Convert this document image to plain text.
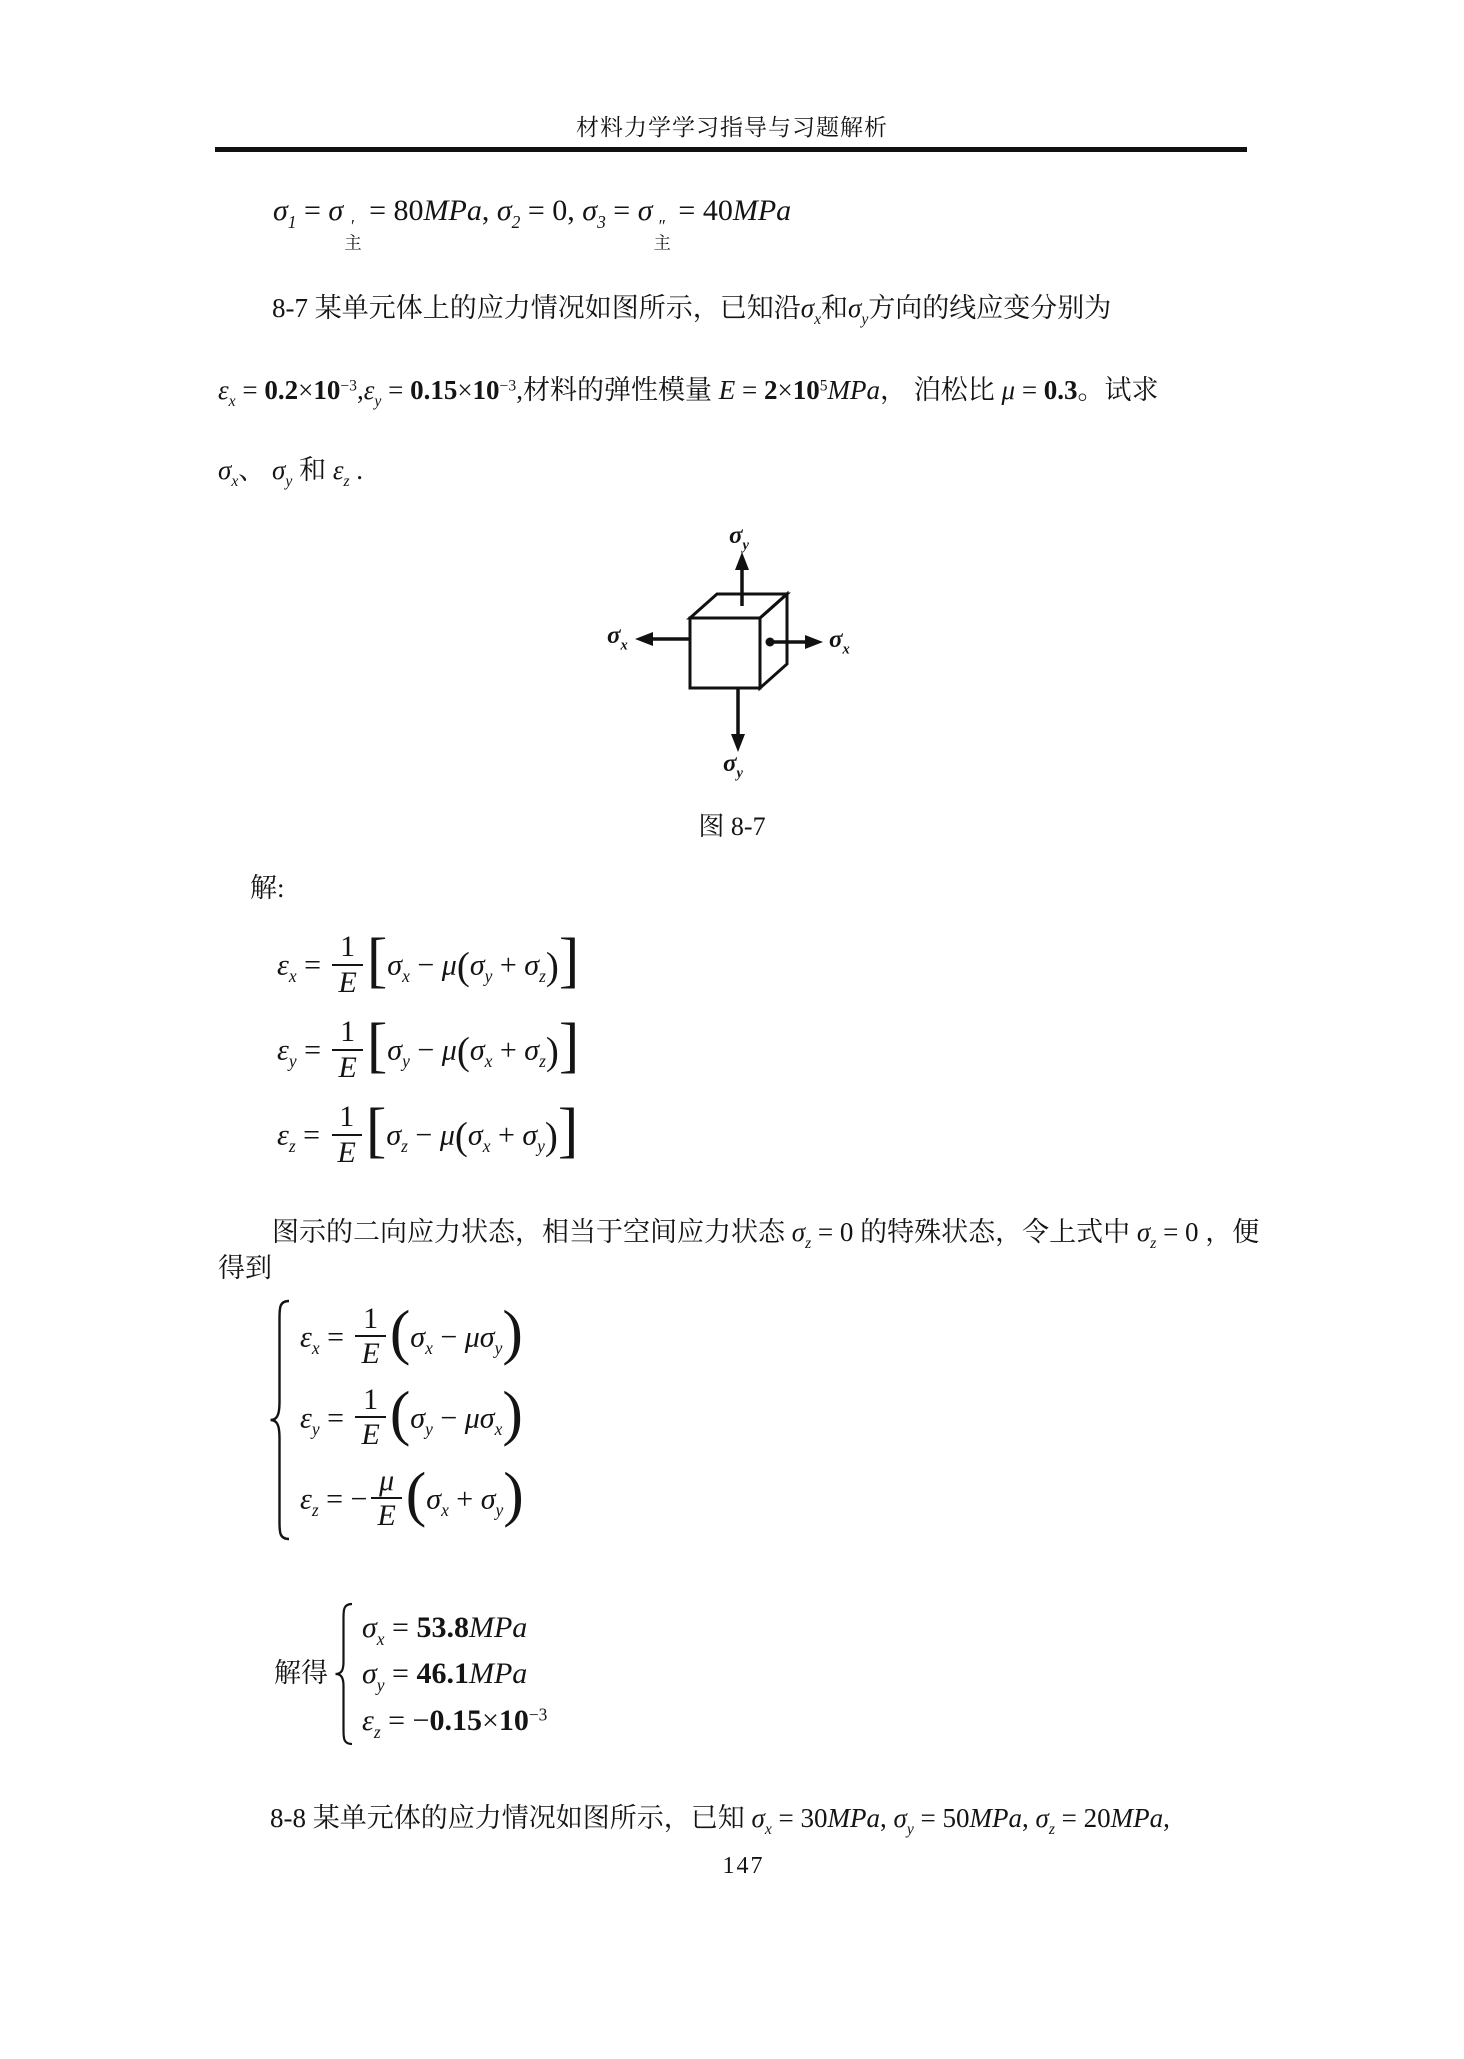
材料力学学习指导与习题解析
$\sigma_1 = \sigma$ ′
主
= 80MPa, $\sigma_2 = 0$, $\sigma_3 = \sigma$ ″
主
= 40MPa
8-7 某单元体上的应力情况如图所示，已知沿$\sigma_x$和$\sigma_y$方向的线应变分别为
$\varepsilon_x = 0.2\times 10^{-3},\varepsilon_y = 0.15\times 10^{-3}$,材料的弹性模量 $E = 2\times 10^5MPa$， 泊松比 μ = 0.3。试求
$\sigma_x$、 $\sigma_y$ 和 $\varepsilon_z$ .
$\sigma_y$
$\sigma_y$
$\sigma_x$	$\sigma_x$
图 8-7
解:
$\varepsilon_x = \frac{1}{E} [\sigma_x - \mu(\sigma_y + \sigma_z)]$
$\varepsilon_y = \frac{1}{E} [\sigma_y - \mu(\sigma_x + \sigma_z)]$
$\varepsilon_z = \frac{1}{E} [\sigma_z - \mu(\sigma_x + \sigma_y)]$
图示的二向应力状态，相当于空间应力状态 $\sigma_z = 0$ 的特殊状态，令上式中 $\sigma_z = 0$ ，便
得到
$\varepsilon_x = \frac{1}{E} (\sigma_x - \mu\sigma_y)$
$\varepsilon_y = \frac{1}{E} (\sigma_y - \mu\sigma_x)$
$\varepsilon_z$ = − $\frac{\mu}{E} (\sigma_x + \sigma_y)$
解得
$\sigma_x = 53.8MPa$
$\sigma_y = 46.1MPa$
$\varepsilon_z = -0.15\times 10^{-3}$
8-8 某单元体的应力情况如图所示，已知 $\sigma_x = 30MPa$, $\sigma_y = 50MPa$, $\sigma_z = 20MPa$,
147
